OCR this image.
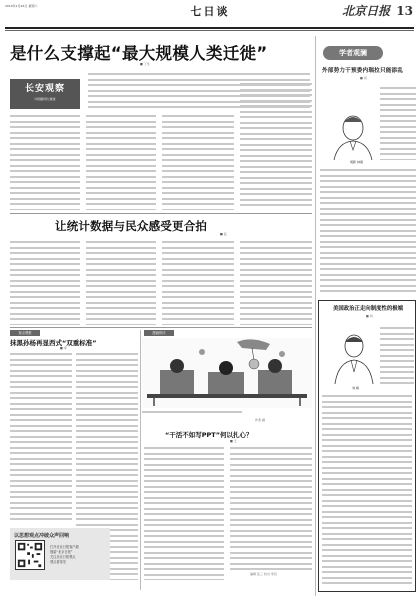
2019年1月26日 星期六	七日谈	北京日报 13
是什么支撑起“最大规模人类迁徙”
■ 丁乐
长安观察
中国新闻大道谈
学者观澜
外部势力干预委内瑞拉只能添乱
■ 刘
胡新 林雍
让统计数据与民众感受更合拍
■ 张
视点观察
抹黑孙杨再显西式“双重标准”
■ 李
漫画时评
作者 画
“干活不如写PPT”何以扎心？
■ 王
编辑 张三 校对 李四
美国政治正走向制度性的极端
■ 刘
刘 峰
以思想观点冲破众声回响
打开北京日报客户端
搜索“北京日报”
关注北京日报观点
观点看得见
